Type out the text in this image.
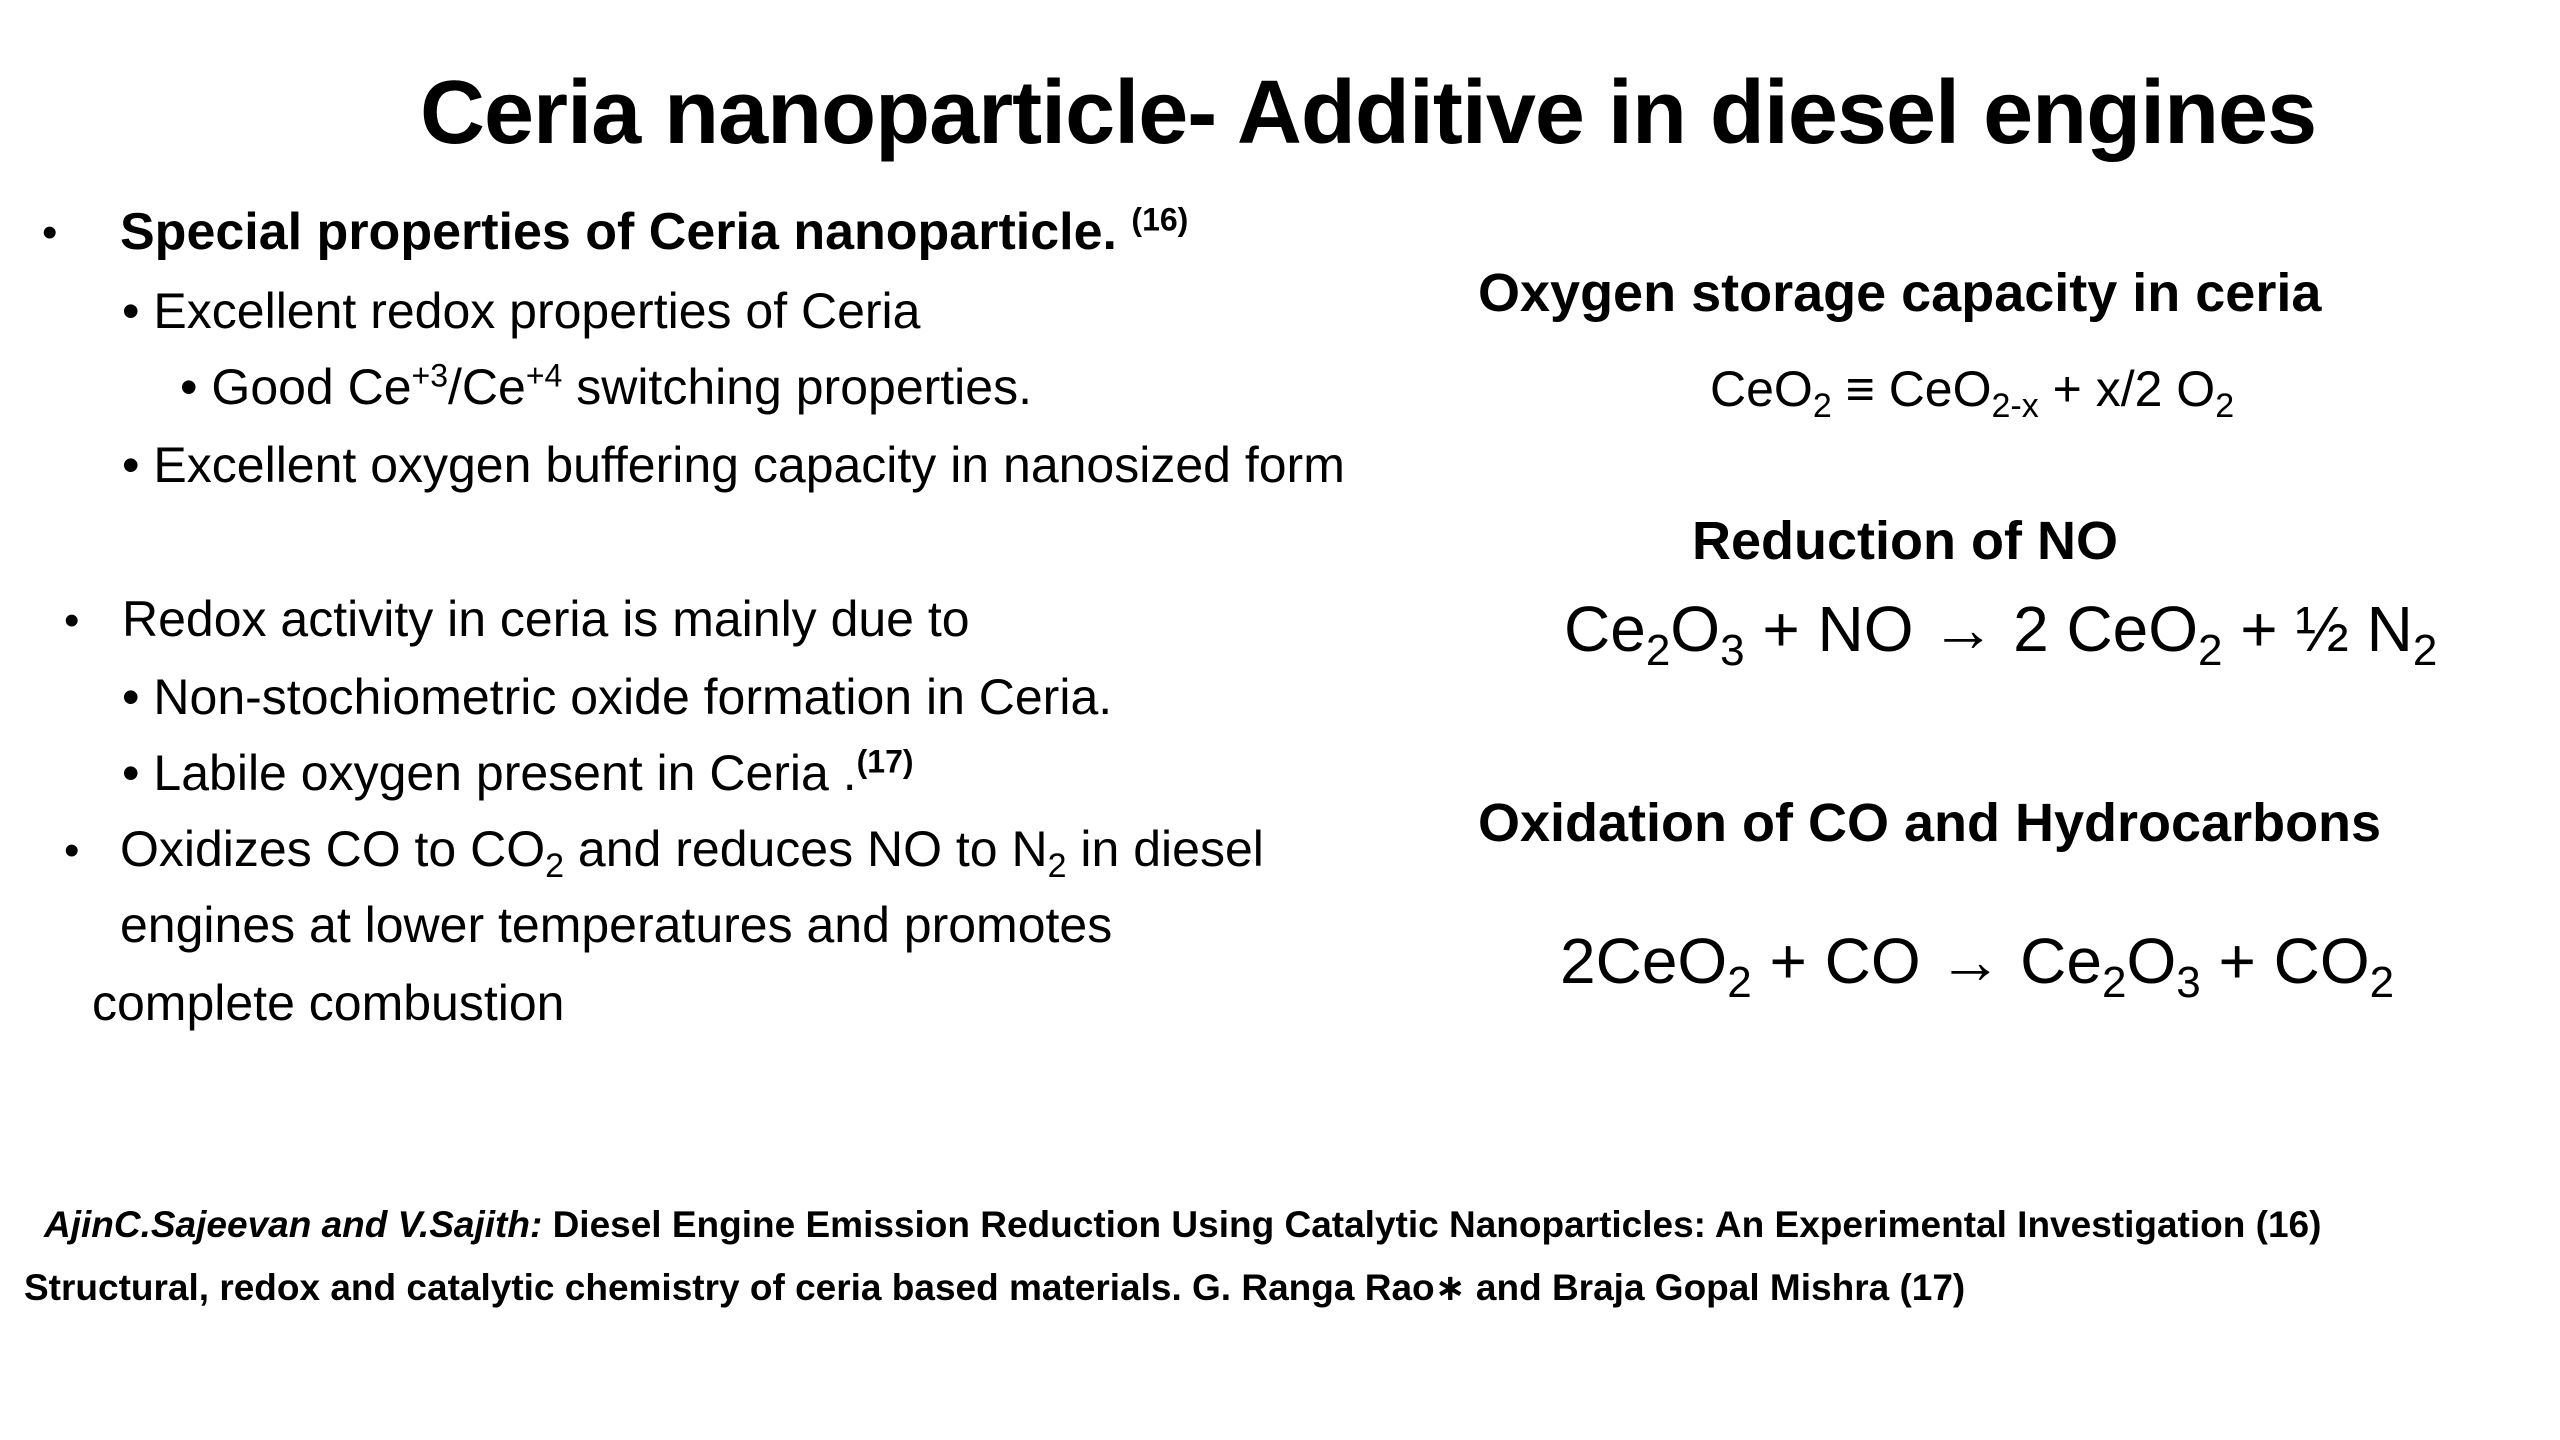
Ceria nanoparticle- Additive in diesel engines
• Special properties of Ceria nanoparticle. $^{(16)}$
• Excellent redox properties of Ceria
• Good $Ce^{+3}/Ce^{+4}$ switching properties.
• Excellent oxygen buffering capacity in nanosized form
• Redox activity in ceria is mainly due to
• Non-stochiometric oxide formation in Ceria.
• Labile oxygen present in Ceria .$^{(17)}$
• Oxidizes CO to $CO_2$ and reduces NO to $N_2$ in diesel
engines at lower temperatures and promotes
complete combustion
Oxygen storage capacity in ceria
CeO$_2$ ≡ CeO$_{2-x}$ + x/2 $O_2$
Reduction of NO
$Ce_2O_3$ + NO → 2 CeO$_2$ + ½ $N_2$
Oxidation of CO and Hydrocarbons
2CeO$_2$ + CO → $Ce_2O_3 + CO_2$
AjinC.Sajeevan and V.Sajith: Diesel Engine Emission Reduction Using Catalytic Nanoparticles: An Experimental Investigation (16)
Structural, redox and catalytic chemistry of ceria based materials. G. Ranga Rao∗ and Braja Gopal Mishra (17)
